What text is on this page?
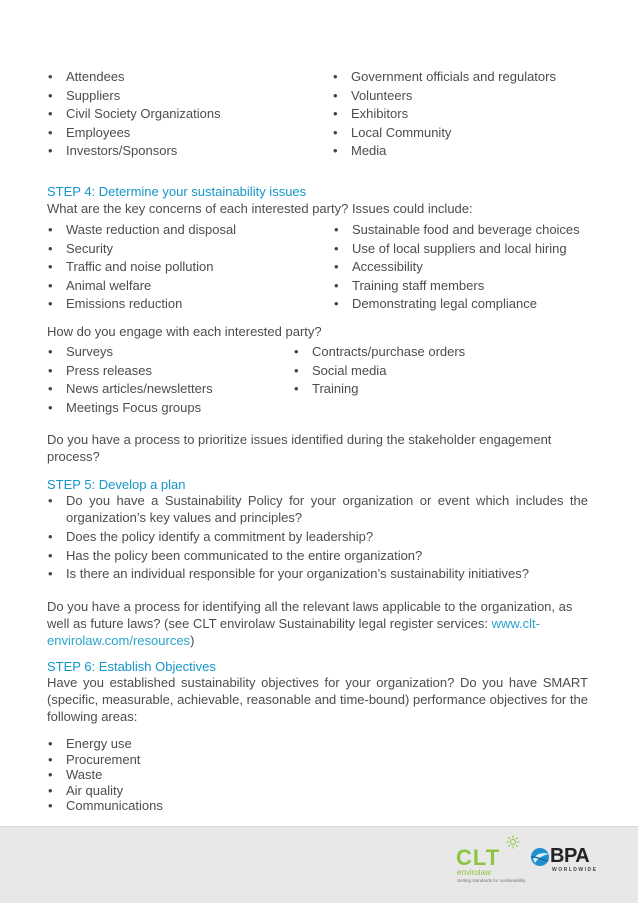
• Attendees
• Suppliers
• Civil Society Organizations
• Employees
• Investors/Sponsors
• Government officials and regulators
• Volunteers
• Exhibitors
• Local Community
• Media
STEP 4: Determine your sustainability issues
What are the key concerns of each interested party? Issues could include:
• Waste reduction and disposal
• Security
• Traffic and noise pollution
• Animal welfare
• Emissions reduction
• Sustainable food and beverage choices
• Use of local suppliers and local hiring
• Accessibility
• Training staff members
• Demonstrating legal compliance
How do you engage with each interested party?
• Surveys
• Press releases
• News articles/newsletters
• Meetings Focus groups
• Contracts/purchase orders
• Social media
• Training
Do you have a process to prioritize issues identified during the stakeholder engagement process?
STEP 5: Develop a plan
• Do you have a Sustainability Policy for your organization or event which includes the organization’s key values and principles?
• Does the policy identify a commitment by leadership?
• Has the policy been communicated to the entire organization?
• Is there an individual responsible for your organization’s sustainability initiatives?
Do you have a process for identifying all the relevant laws applicable to the organization, as well as future laws? (see CLT envirolaw Sustainability legal register services: www.clt-envirolaw.com/resources)
STEP 6: Establish Objectives
Have you established sustainability objectives for your organization? Do you have SMART (specific, measurable, achievable, reasonable and time-bound) performance objectives for the following areas:
• Energy use
• Procurement
• Waste
• Air quality
• Communications
CLT
envirolaw
Setting standards for sustainability
BPA
WORLDWIDE
